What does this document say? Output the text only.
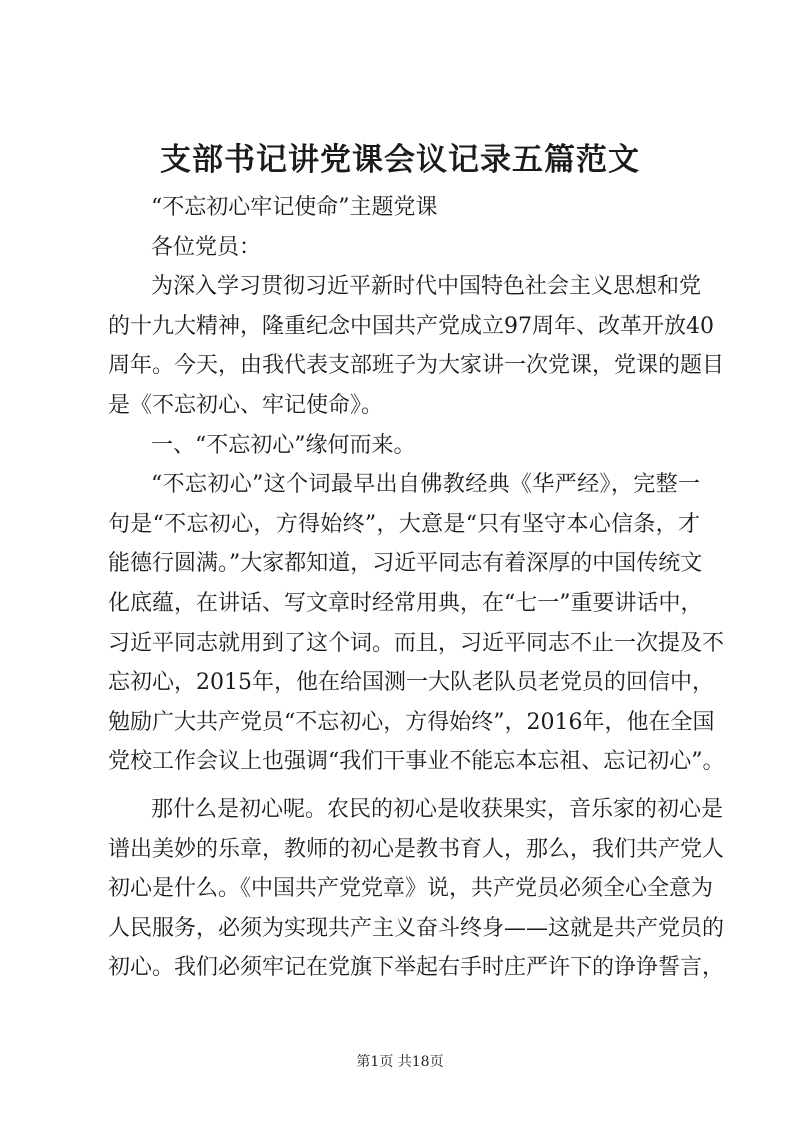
支部书记讲党课会议记录五篇范文
“不忘初心牢记使命”主题党课
各位党员：
为深入学习贯彻习近平新时代中国特色社会主义思想和党
的十九大精神，隆重纪念中国共产党成立97周年、改革开放40
周年。今天，由我代表支部班子为大家讲一次党课，党课的题目
是《不忘初心、牢记使命》。
一、“不忘初心”缘何而来。
“不忘初心”这个词最早出自佛教经典《华严经》，完整一
句是“不忘初心，方得始终”，大意是“只有坚守本心信条，才
能德行圆满。”大家都知道，习近平同志有着深厚的中国传统文
化底蕴，在讲话、写文章时经常用典，在“七一”重要讲话中，
习近平同志就用到了这个词。而且，习近平同志不止一次提及不
忘初心，2015年，他在给国测一大队老队员老党员的回信中，
勉励广大共产党员“不忘初心，方得始终”，2016年，他在全国
党校工作会议上也强调“我们干事业不能忘本忘祖、忘记初心”。
那什么是初心呢。农民的初心是收获果实，音乐家的初心是
谱出美妙的乐章，教师的初心是教书育人，那么，我们共产党人
初心是什么。《中国共产党党章》说，共产党员必须全心全意为
人民服务，必须为实现共产主义奋斗终身——这就是共产党员的
初心。我们必须牢记在党旗下举起右手时庄严许下的诤诤誓言，
第1页 共18页
